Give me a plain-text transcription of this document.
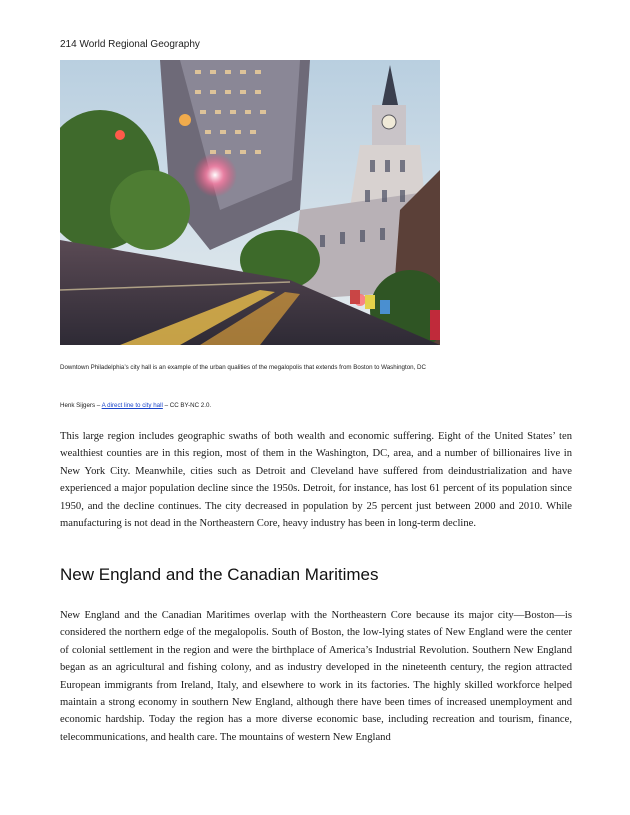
214 World Regional Geography
Downtown Philadelphia’s city hall is an example of the urban qualities of the megalopolis that extends from Boston to Washington, DC
Henk Sijgers – A direct line to city hall – CC BY-NC 2.0.

This large region includes geographic swaths of both wealth and economic suffering. Eight of the United States’ ten wealthiest counties are in this region, most of them in the Washington, DC, area, and a number of billionaires live in New York City. Meanwhile, cities such as Detroit and Cleveland have suffered from deindustrialization and have experienced a major population decline since the 1950s. Detroit, for instance, has lost 61 percent of its population since 1950, and the decline continues. The city decreased in population by 25 percent just between 2000 and 2010. While manufacturing is not dead in the Northeastern Core, heavy industry has been in long-term decline.

New England and the Canadian Maritimes

New England and the Canadian Maritimes overlap with the Northeastern Core because its major city—Boston—is considered the northern edge of the megalopolis. South of Boston, the low-lying states of New England were the center of colonial settlement in the region and were the birthplace of America’s Industrial Revolution. Southern New England began as an agricultural and fishing colony, and as industry developed in the nineteenth century, the region attracted European immigrants from Ireland, Italy, and elsewhere to work in its factories. The highly skilled workforce helped maintain a strong economy in southern New England, although there have been times of increased unemployment and economic hardship. Today the region has a more diverse economic base, including recreation and tourism, finance, telecommunications, and health care. The mountains of western New England
